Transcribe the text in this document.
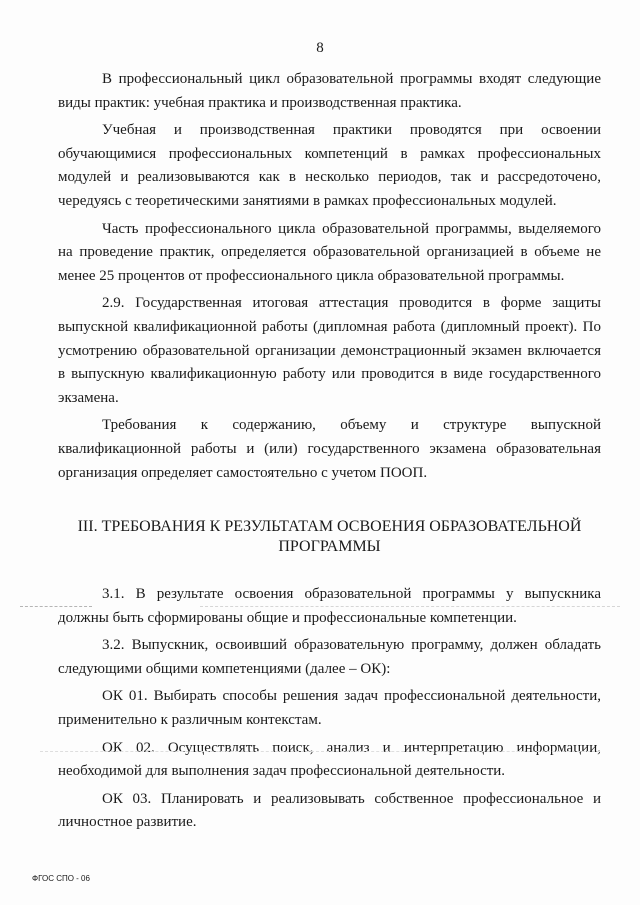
8

В профессиональный цикл образовательной программы входят следующие виды практик: учебная практика и производственная практика.

Учебная и производственная практики проводятся при освоении обучающимися профессиональных компетенций в рамках профессиональных модулей и реализовываются как в несколько периодов, так и рассредоточено, чередуясь с теоретическими занятиями в рамках профессиональных модулей.

Часть профессионального цикла образовательной программы, выделяемого на проведение практик, определяется образовательной организацией в объеме не менее 25 процентов от профессионального цикла образовательной программы.

2.9. Государственная итоговая аттестация проводится в форме защиты выпускной квалификационной работы (дипломная работа (дипломный проект). По усмотрению образовательной организации демонстрационный экзамен включается в выпускную квалификационную работу или проводится в виде государственного экзамена.

Требования к содержанию, объему и структуре выпускной квалификационной работы и (или) государственного экзамена образовательная организация определяет самостоятельно с учетом ПООП.

III. ТРЕБОВАНИЯ К РЕЗУЛЬТАТАМ ОСВОЕНИЯ ОБРАЗОВАТЕЛЬНОЙ ПРОГРАММЫ

3.1. В результате освоения образовательной программы у выпускника должны быть сформированы общие и профессиональные компетенции.

3.2. Выпускник, освоивший образовательную программу, должен обладать следующими общими компетенциями (далее – ОК):

ОК 01. Выбирать способы решения задач профессиональной деятельности, применительно к различным контекстам.

ОК 02. Осуществлять поиск, анализ и интерпретацию информации, необходимой для выполнения задач профессиональной деятельности.

ОК 03. Планировать и реализовывать собственное профессиональное и личностное развитие.

ФГОС СПО - 06
